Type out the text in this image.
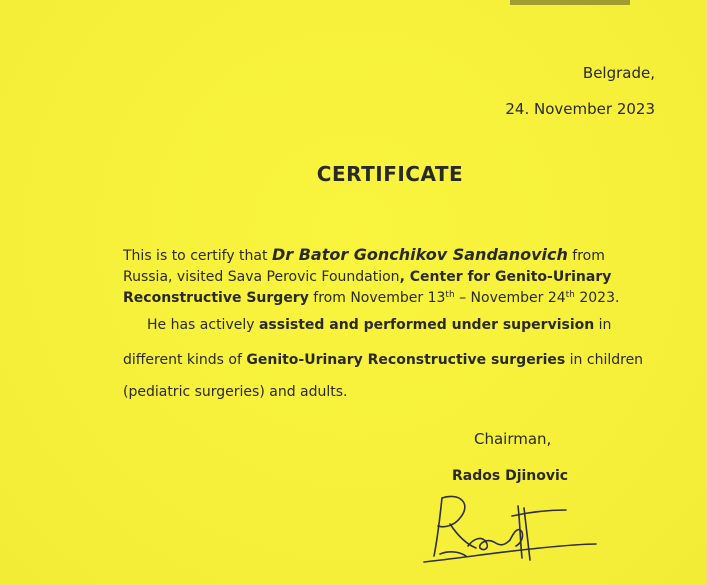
Belgrade,
24. November 2023
CERTIFICATE
This is to certify that Dr Bator Gonchikov Sandanovich from Russia, visited Sava Perovic Foundation, Center for Genito-Urinary Reconstructive Surgery from November 13th – November 24th 2023.
He has actively assisted and performed under supervision in
different kinds of Genito-Urinary Reconstructive surgeries in children
(pediatric surgeries) and adults.
Chairman,
Rados Djinovic
